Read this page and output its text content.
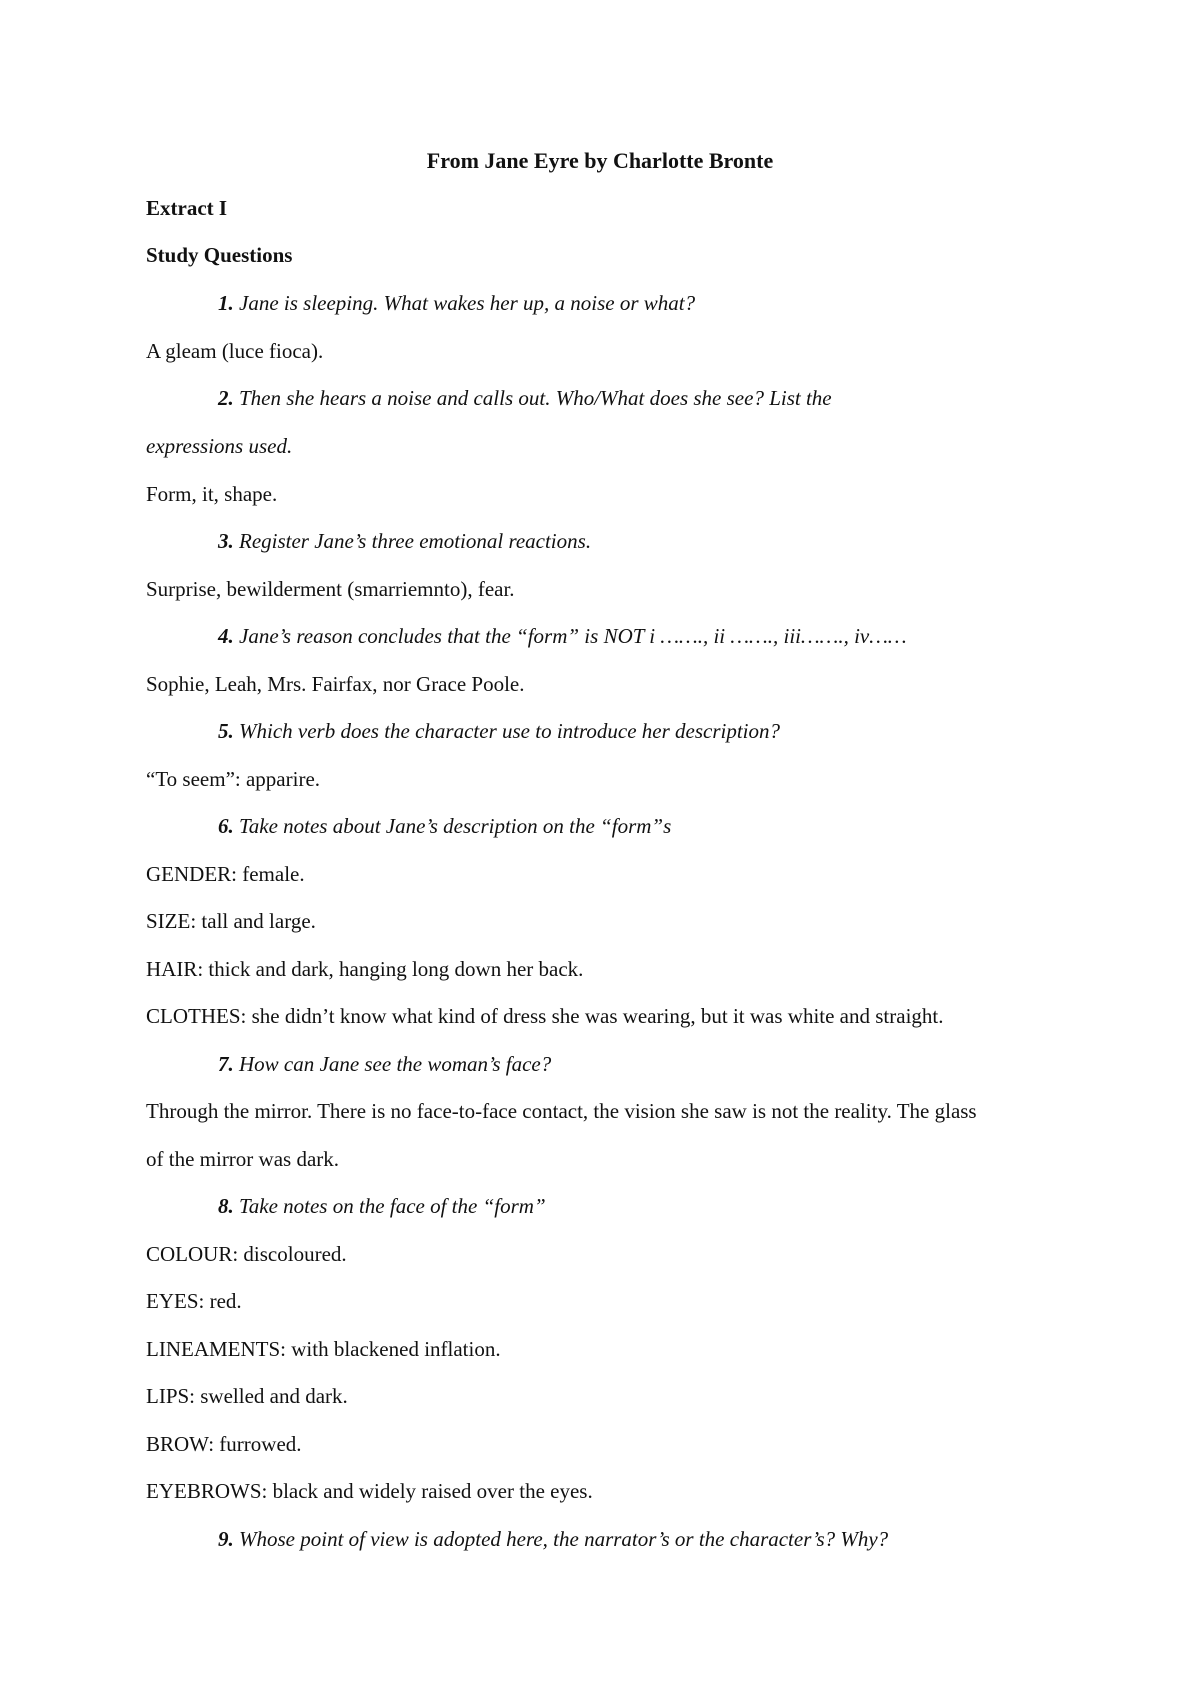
From Jane Eyre by Charlotte Bronte
Extract I
Study Questions
1. Jane is sleeping. What wakes her up, a noise or what?
A gleam (luce fioca).
2. Then she hears a noise and calls out. Who/What does she see? List the
expressions used.
Form, it, shape.
3. Register Jane’s three emotional reactions.
Surprise, bewilderment (smarriemnto), fear.
4. Jane’s reason concludes that the “form” is NOT i ……., ii ……., iii……., iv……
Sophie, Leah, Mrs. Fairfax, nor Grace Poole.
5. Which verb does the character use to introduce her description?
“To seem”: apparire.
6. Take notes about Jane’s description on the “form”s
GENDER: female.
SIZE: tall and large.
HAIR: thick and dark, hanging long down her back.
CLOTHES: she didn’t know what kind of dress she was wearing, but it was white and straight.
7. How can Jane see the woman’s face?
Through the mirror. There is no face-to-face contact, the vision she saw is not the reality. The glass
of the mirror was dark.
8. Take notes on the face of the “form”
COLOUR: discoloured.
EYES: red.
LINEAMENTS: with blackened inflation.
LIPS: swelled and dark.
BROW: furrowed.
EYEBROWS: black and widely raised over the eyes.
9. Whose point of view is adopted here, the narrator’s or the character’s? Why?
